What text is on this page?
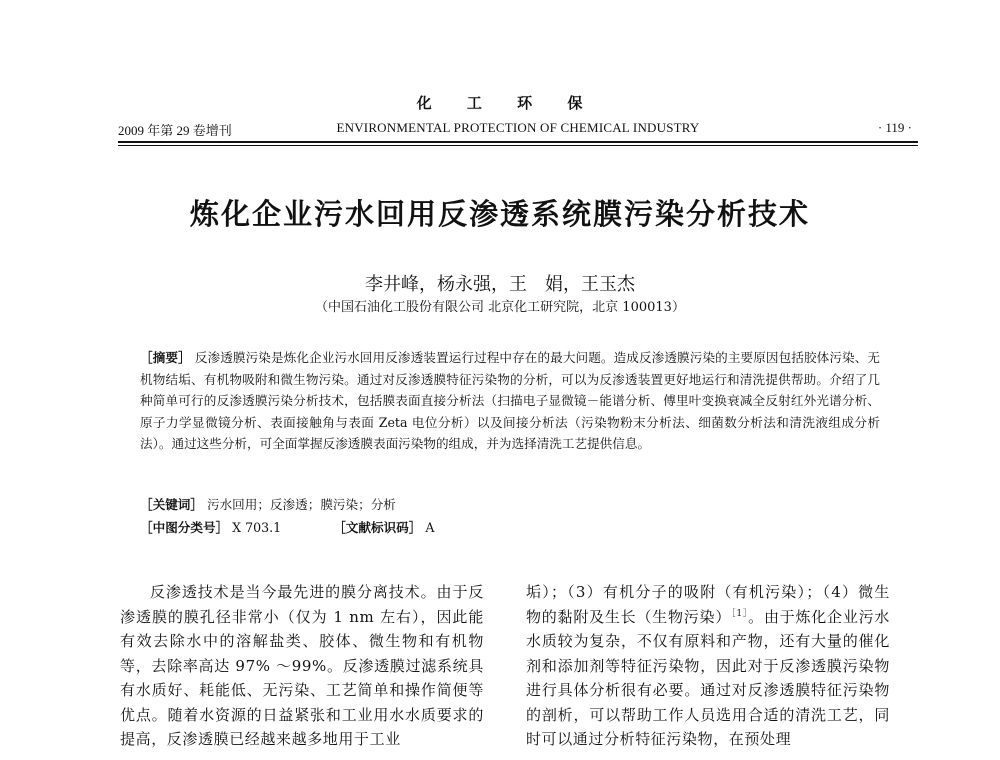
化 工 环 保
2009 年第 29 卷增刊	ENVIRONMENTAL PROTECTION OF CHEMICAL INDUSTRY	· 119 ·
炼化企业污水回用反渗透系统膜污染分析技术
李井峰，杨永强，王　娟，王玉杰
（中国石油化工股份有限公司 北京化工研究院，北京 100013）
［摘要］ 反渗透膜污染是炼化企业污水回用反渗透装置运行过程中存在的最大问题。造成反渗透膜污染的主要原因包括胶体污染、无机物结垢、有机物吸附和微生物污染。通过对反渗透膜特征污染物的分析，可以为反渗透装置更好地运行和清洗提供帮助。介绍了几种简单可行的反渗透膜污染分析技术，包括膜表面直接分析法（扫描电子显微镜－能谱分析、傅里叶变换衰减全反射红外光谱分析、原子力学显微镜分析、表面接触角与表面 Zeta 电位分析）以及间接分析法（污染物粉末分析法、细菌数分析法和清洗液组成分析法）。通过这些分析，可全面掌握反渗透膜表面污染物的组成，并为选择清洗工艺提供信息。
［关键词］ 污水回用；反渗透；膜污染；分析
［中图分类号］ X 703.1	［文献标识码］ A
反渗透技术是当今最先进的膜分离技术。由于反渗透膜的膜孔径非常小（仅为 1 nm 左右），因此能有效去除水中的溶解盐类、胶体、微生物和有机物等，去除率高达 97% ～99%。反渗透膜过滤系统具有水质好、耗能低、无污染、工艺简单和操作简便等优点。随着水资源的日益紧张和工业用水水质要求的提高，反渗透膜已经越来越多地用于工业
垢）；（3）有机分子的吸附（有机污染）；（4）微生物的黏附及生长（生物污染）$^{[1]}$。由于炼化企业污水水质较为复杂，不仅有原料和产物，还有大量的催化剂和添加剂等特征污染物，因此对于反渗透膜污染物进行具体分析很有必要。通过对反渗透膜特征污染物的剖析，可以帮助工作人员选用合适的清洗工艺，同时可以通过分析特征污染物，在预处理
